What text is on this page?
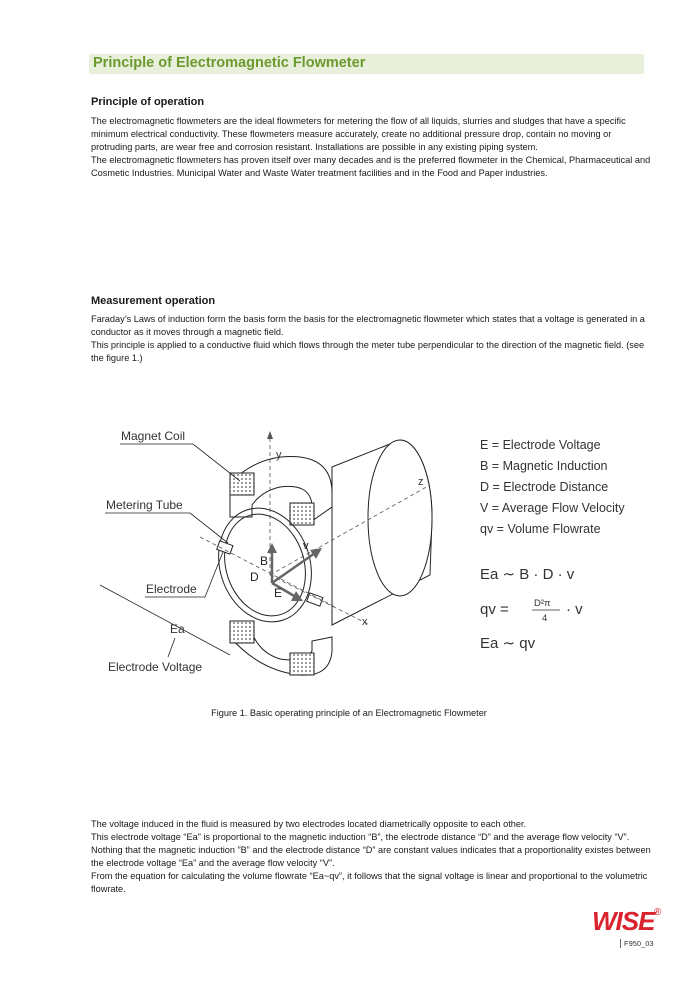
Principle of Electromagnetic Flowmeter
Principle of operation

The electromagnetic flowmeters are the ideal flowmeters for metering the flow of all liquids, slurries and sludges that have a specific minimum electrical conductivity. These flowmeters measure accurately, create no additional pressure drop, contain no moving or protruding parts, are wear free and corrosion resistant. Installations are possible in any existing piping system.

The electromagnetic flowmeters has proven itself over many decades and is the preferred flowmeter in the Chemical, Pharmaceutical and Cosmetic Industries. Municipal Water and Waste Water treatment facilities and in the Food and Paper industries.

Measurement operation

Faraday’s Laws of induction form the basis form the basis for the electromagnetic flowmeter which states that a voltage is generated in a conductor as it moves through a magnetic field.

This principle is applied to a conductive fluid which flows through the meter tube perpendicular to the direction of the magnetic field. (see the figure 1.)

y
z
x
B
D
E
v
Magnet Coil
Metering Tube
Electrode
Ea
Electrode Voltage
E = Electrode Voltage
B = Magnetic Induction
D = Electrode Distance
V = Average Flow Velocity
qv = Volume Flowrate
Ea ∼ B · D · v
qv =	D²π
4
· v
Ea ∼ qv
Figure 1. Basic operating principle of an Electromagnetic Flowmeter

The voltage induced in the fluid is measured by two electrodes located diametrically opposite to each other.

This electrode voltage “Ea” is proportional to the magnetic induction “B”, the electrode distance “D” and the average flow velocity “V”. Nothing that the magnetic induction ”B” and the electrode distance “D” are constant values indicates that a proportionality existes between the electrode voltage “Ea” and the average flow velocity “V”.

From the equation for calculating the volume flowrate “Ea~qv”, it follows that the signal voltage is linear and proportional to the volumetric flowrate.

WISE ®
F950_03
